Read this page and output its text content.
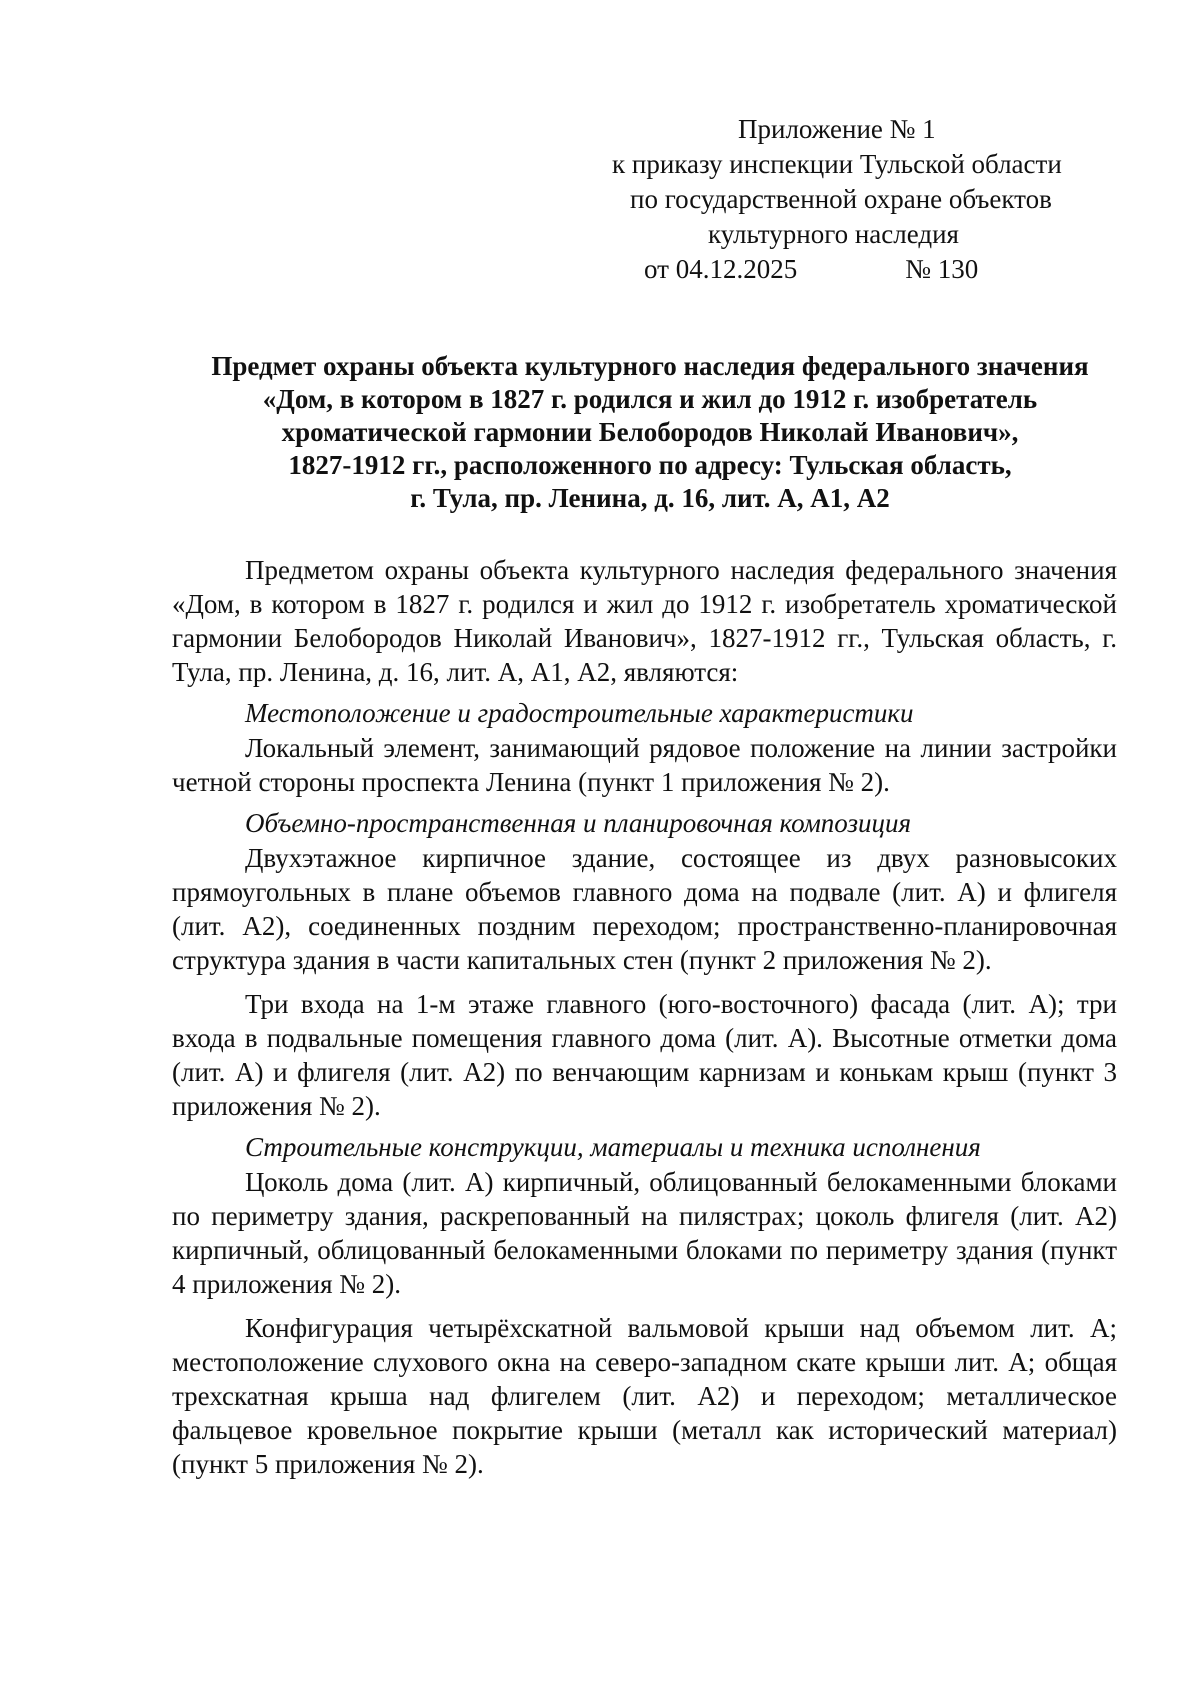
Приложение № 1
к приказу инспекции Тульской области
по государственной охране объектов
культурного наследия
от 04.12.2025	№ 130
Предмет охраны объекта культурного наследия федерального значения
«Дом, в котором в 1827 г. родился и жил до 1912 г. изобретатель
хроматической гармонии Белобородов Николай Иванович»,
1827-1912 гг., расположенного по адресу: Тульская область,
г. Тула, пр. Ленина, д. 16, лит. А, А1, А2

Предметом охраны объекта культурного наследия федерального значения «Дом, в котором в 1827 г. родился и жил до 1912 г. изобретатель хроматической гармонии Белобородов Николай Иванович», 1827-1912 гг., Тульская область, г. Тула, пр. Ленина, д. 16, лит. А, А1, А2, являются:

Местоположение и градостроительные характеристики

Локальный элемент, занимающий рядовое положение на линии застройки четной стороны проспекта Ленина (пункт 1 приложения № 2).

Объемно-пространственная и планировочная композиция

Двухэтажное кирпичное здание, состоящее из двух разновысоких прямоугольных в плане объемов главного дома на подвале (лит. А) и флигеля (лит. А2), соединенных поздним переходом; пространственно-планировочная структура здания в части капитальных стен (пункт 2 приложения № 2).

Три входа на 1-м этаже главного (юго-восточного) фасада (лит. А); три входа в подвальные помещения главного дома (лит. А). Высотные отметки дома (лит. А) и флигеля (лит. А2) по венчающим карнизам и конькам крыш (пункт 3 приложения № 2).

Строительные конструкции, материалы и техника исполнения

Цоколь дома (лит. А) кирпичный, облицованный белокаменными блоками по периметру здания, раскрепованный на пилястрах; цоколь флигеля (лит. А2) кирпичный, облицованный белокаменными блоками по периметру здания (пункт 4 приложения № 2).

Конфигурация четырёхскатной вальмовой крыши над объемом лит. А; местоположение слухового окна на северо-западном скате крыши лит. А; общая трехскатная крыша над флигелем (лит. А2) и переходом; металлическое фальцевое кровельное покрытие крыши (металл как исторический материал) (пункт 5 приложения № 2).
